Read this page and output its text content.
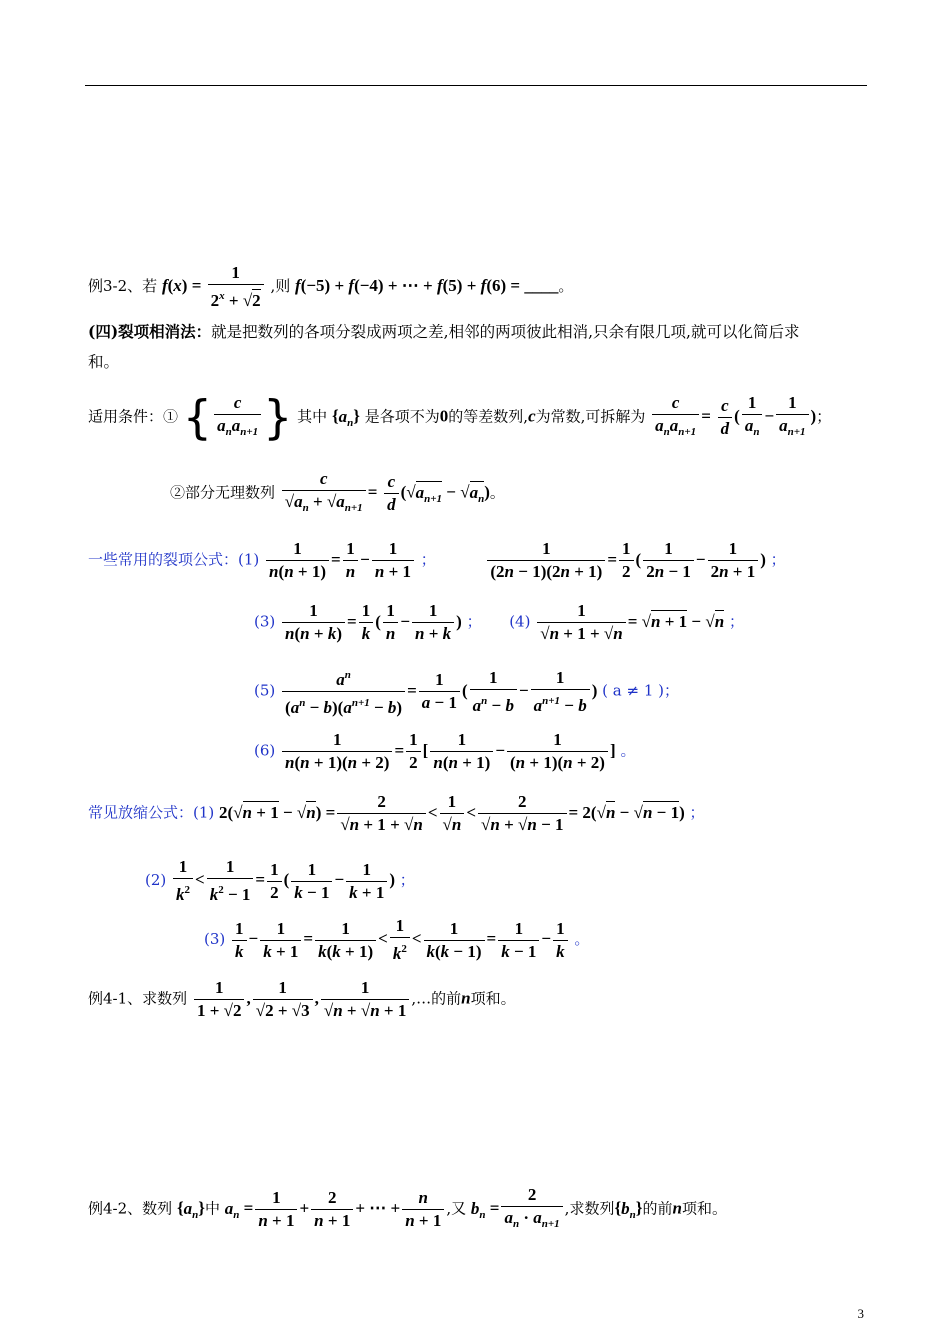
例3-2、若 $f(x) = \frac{1}{2^x + √2}$ ,则 f(−5) + f(−4) + ⋯ + f(5) + f(6) = ____。
(四)裂项相消法：就是把数列的各项分裂成两项之差,相邻的两项彼此相消,只余有限几项,就可以化简后求
和。
适用条件：① { $\frac{c}{a_na_{n+1}}$ } 其中 $\{a_n\}$ 是各项不为0的等差数列,c为常数,可拆解为 $\frac{c}{a_na_{n+1}} = \frac{c}{d}$ ( $\frac{1}{a_n} - \frac{1}{a_{n+1}}$ )；
②部分无理数列 $\frac{c}{√a_n + √a_{n+1}} = \frac{c}{d} (√a_{n+1} - √a_n)$。
一些常用的裂项公式：$(1) \frac{1}{n(n + 1)} = \frac{1}{n} - \frac{1}{n + 1}$ ；	$\frac{1}{(2n - 1)(2n + 1)} = \frac{1}{2}$ ( $\frac{1}{2n - 1} - \frac{1}{2n + 1}$ ) ；
$(3) \frac{1}{n(n + k)} = \frac{1}{k}$ ( $\frac{1}{n} - \frac{1}{n + k}$ ) ； $(4) \frac{1}{√n + 1 + √n} = √n + 1 - √n$ ；
$(5) \frac{a^n}{(a^n - b)(a^{n+1} - b)} = \frac{1}{a - 1}$ ( $\frac{1}{a^n - b} - \frac{1}{a^{n+1} - b}$ ) ( a ≠ 1 )；
$(6) \frac{1}{n(n + 1)(n + 2)} = \frac{1}{2}$ [ $\frac{1}{n(n + 1)} - \frac{1}{(n + 1)(n + 2)}$ ] 。
常见放缩公式：(1) $2(√n + 1 - √n) = \frac{2}{√n + 1 + √n} < \frac{1}{√n} < \frac{2}{√n + √n - 1} = 2(√n - √n - 1)$ ；
$(2) \frac{1}{k^2} < \frac{1}{k^2 - 1} = \frac{1}{2}$ ( $\frac{1}{k - 1} - \frac{1}{k + 1}$ ) ；
$(3) \frac{1}{k} - \frac{1}{k + 1} = \frac{1}{k(k + 1)} < \frac{1}{k^2} < \frac{1}{k(k - 1)} = \frac{1}{k - 1} - \frac{1}{k}$ 。
例4-1、求数列 $\frac{1}{1 + √2}$ , $\frac{1}{√2 + √3}$ , $\frac{1}{√n + √n + 1}$ ,…的前n项和。
例4-2、数列 $\{a_n\}$中 $a_n = \frac{1}{n + 1} + \frac{2}{n + 1}$ + ⋯ + $\frac{n}{n + 1}$ ,又 $b_n = \frac{2}{a_n \cdot a_{n+1}}$ ,求数列$\{b_n\}$的前n项和。
3
